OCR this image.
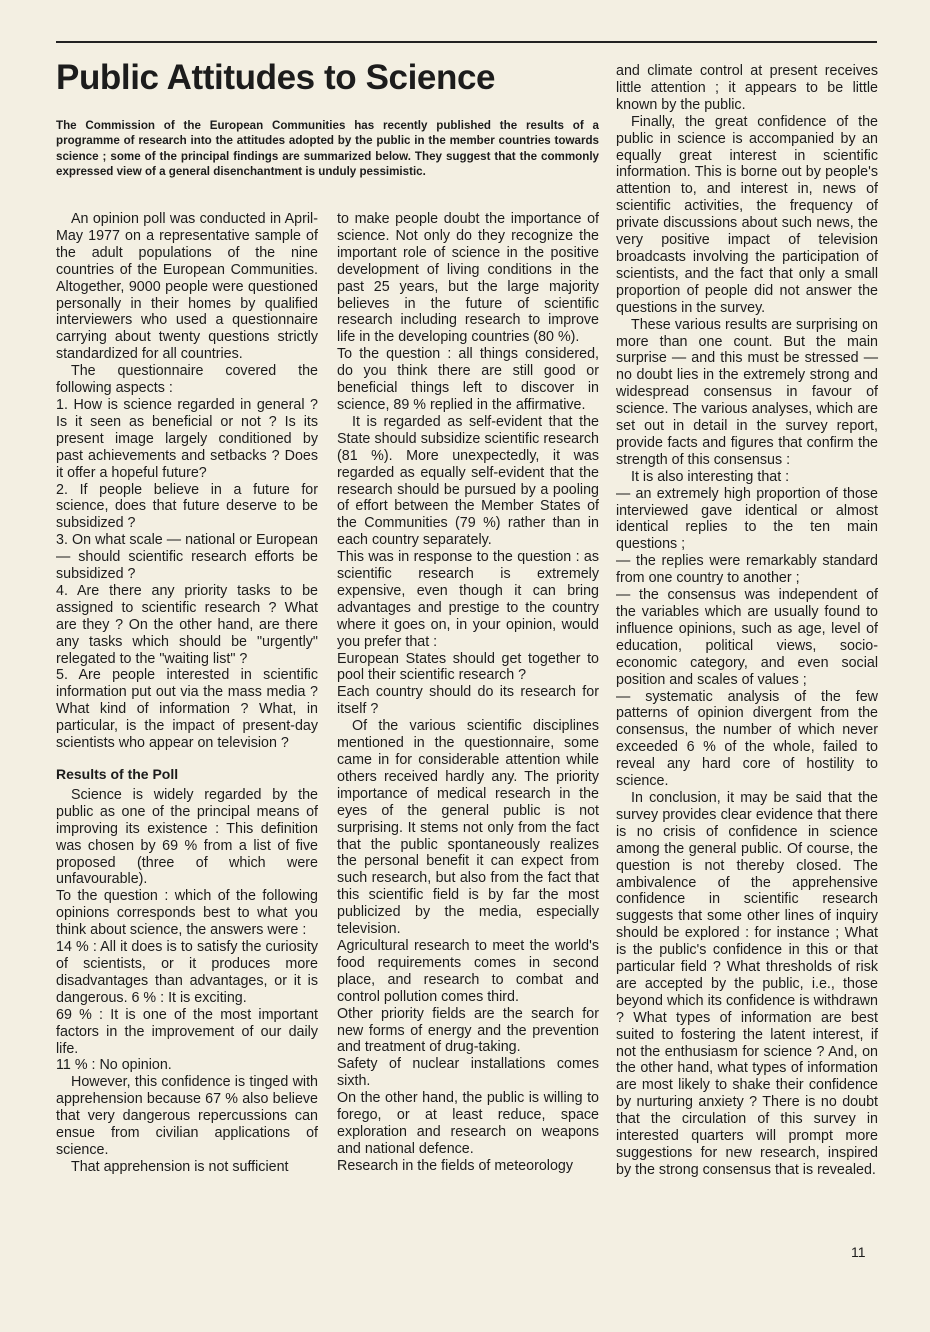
Public Attitudes to Science

The Commission of the European Communities has recently published the results of a programme of research into the attitudes adopted by the public in the member countries towards science ; some of the principal findings are summarized below. They suggest that the commonly expressed view of a general disenchantment is unduly pessimistic.

An opinion poll was conducted in April-May 1977 on a representative sample of the adult populations of the nine countries of the European Communities. Altogether, 9000 people were questioned personally in their homes by qualified interviewers who used a questionnaire carrying about twenty questions strictly standardized for all countries.

The questionnaire covered the following aspects :

1. How is science regarded in general ? Is it seen as beneficial or not ? Is its present image largely conditioned by past achievements and setbacks ? Does it offer a hopeful future?

2. If people believe in a future for science, does that future deserve to be subsidized ?

3. On what scale — national or European — should scientific research efforts be subsidized ?

4. Are there any priority tasks to be assigned to scientific research ? What are they ? On the other hand, are there any tasks which should be "urgently" relegated to the "waiting list" ?

5. Are people interested in scientific information put out via the mass media ? What kind of information ? What, in particular, is the impact of present-day scientists who appear on television ?

Results of the Poll

Science is widely regarded by the public as one of the principal means of improving its existence : This definition was chosen by 69 % from a list of five proposed (three of which were unfavourable).

To the question : which of the following opinions corresponds best to what you think about science, the answers were :

14 % : All it does is to satisfy the curiosity of scientists, or it produces more disadvantages than advantages, or it is dangerous. 6 % : It is exciting.

69 % : It is one of the most important factors in the improvement of our daily life.

11 % : No opinion.

However, this confidence is tinged with apprehension because 67 % also believe that very dangerous repercussions can ensue from civilian applications of science.

That apprehension is not sufficient

to make people doubt the importance of science. Not only do they recognize the important role of science in the positive development of living conditions in the past 25 years, but the large majority believes in the future of scientific research including research to improve life in the developing countries (80 %).

To the question : all things considered, do you think there are still good or beneficial things left to discover in science, 89 % replied in the affirmative.

It is regarded as self-evident that the State should subsidize scientific research (81 %). More unexpectedly, it was regarded as equally self-evident that the research should be pursued by a pooling of effort between the Member States of the Communities (79 %) rather than in each country separately.

This was in response to the question : as scientific research is extremely expensive, even though it can bring advantages and prestige to the country where it goes on, in your opinion, would you prefer that :

European States should get together to pool their scientific research ?

Each country should do its research for itself ?

Of the various scientific disciplines mentioned in the questionnaire, some came in for considerable attention while others received hardly any. The priority importance of medical research in the eyes of the general public is not surprising. It stems not only from the fact that the public spontaneously realizes the personal benefit it can expect from such research, but also from the fact that this scientific field is by far the most publicized by the media, especially television.

Agricultural research to meet the world's food requirements comes in second place, and research to combat and control pollution comes third.

Other priority fields are the search for new forms of energy and the prevention and treatment of drug-taking.

Safety of nuclear installations comes sixth.

On the other hand, the public is willing to forego, or at least reduce, space exploration and research on weapons and national defence.

Research in the fields of meteorology

and climate control at present receives little attention ; it appears to be little known by the public.

Finally, the great confidence of the public in science is accompanied by an equally great interest in scientific information. This is borne out by people's attention to, and interest in, news of scientific activities, the frequency of private discussions about such news, the very positive impact of television broadcasts involving the participation of scientists, and the fact that only a small proportion of people did not answer the questions in the survey.

These various results are surprising on more than one count. But the main surprise — and this must be stressed — no doubt lies in the extremely strong and widespread consensus in favour of science. The various analyses, which are set out in detail in the survey report, provide facts and figures that confirm the strength of this consensus :

It is also interesting that :

— an extremely high proportion of those interviewed gave identical or almost identical replies to the ten main questions ;

— the replies were remarkably standard from one country to another ;

— the consensus was independent of the variables which are usually found to influence opinions, such as age, level of education, political views, socio-economic category, and even social position and scales of values ;

— systematic analysis of the few patterns of opinion divergent from the consensus, the number of which never exceeded 6 % of the whole, failed to reveal any hard core of hostility to science.

In conclusion, it may be said that the survey provides clear evidence that there is no crisis of confidence in science among the general public. Of course, the question is not thereby closed. The ambivalence of the apprehensive confidence in scientific research suggests that some other lines of inquiry should be explored : for instance ; What is the public's confidence in this or that particular field ? What thresholds of risk are accepted by the public, i.e., those beyond which its confidence is withdrawn ? What types of information are best suited to fostering the latent interest, if not the enthusiasm for science ? And, on the other hand, what types of information are most likely to shake their confidence by nurturing anxiety ? There is no doubt that the circulation of this survey in interested quarters will prompt more suggestions for new research, inspired by the strong consensus that is revealed.

11
